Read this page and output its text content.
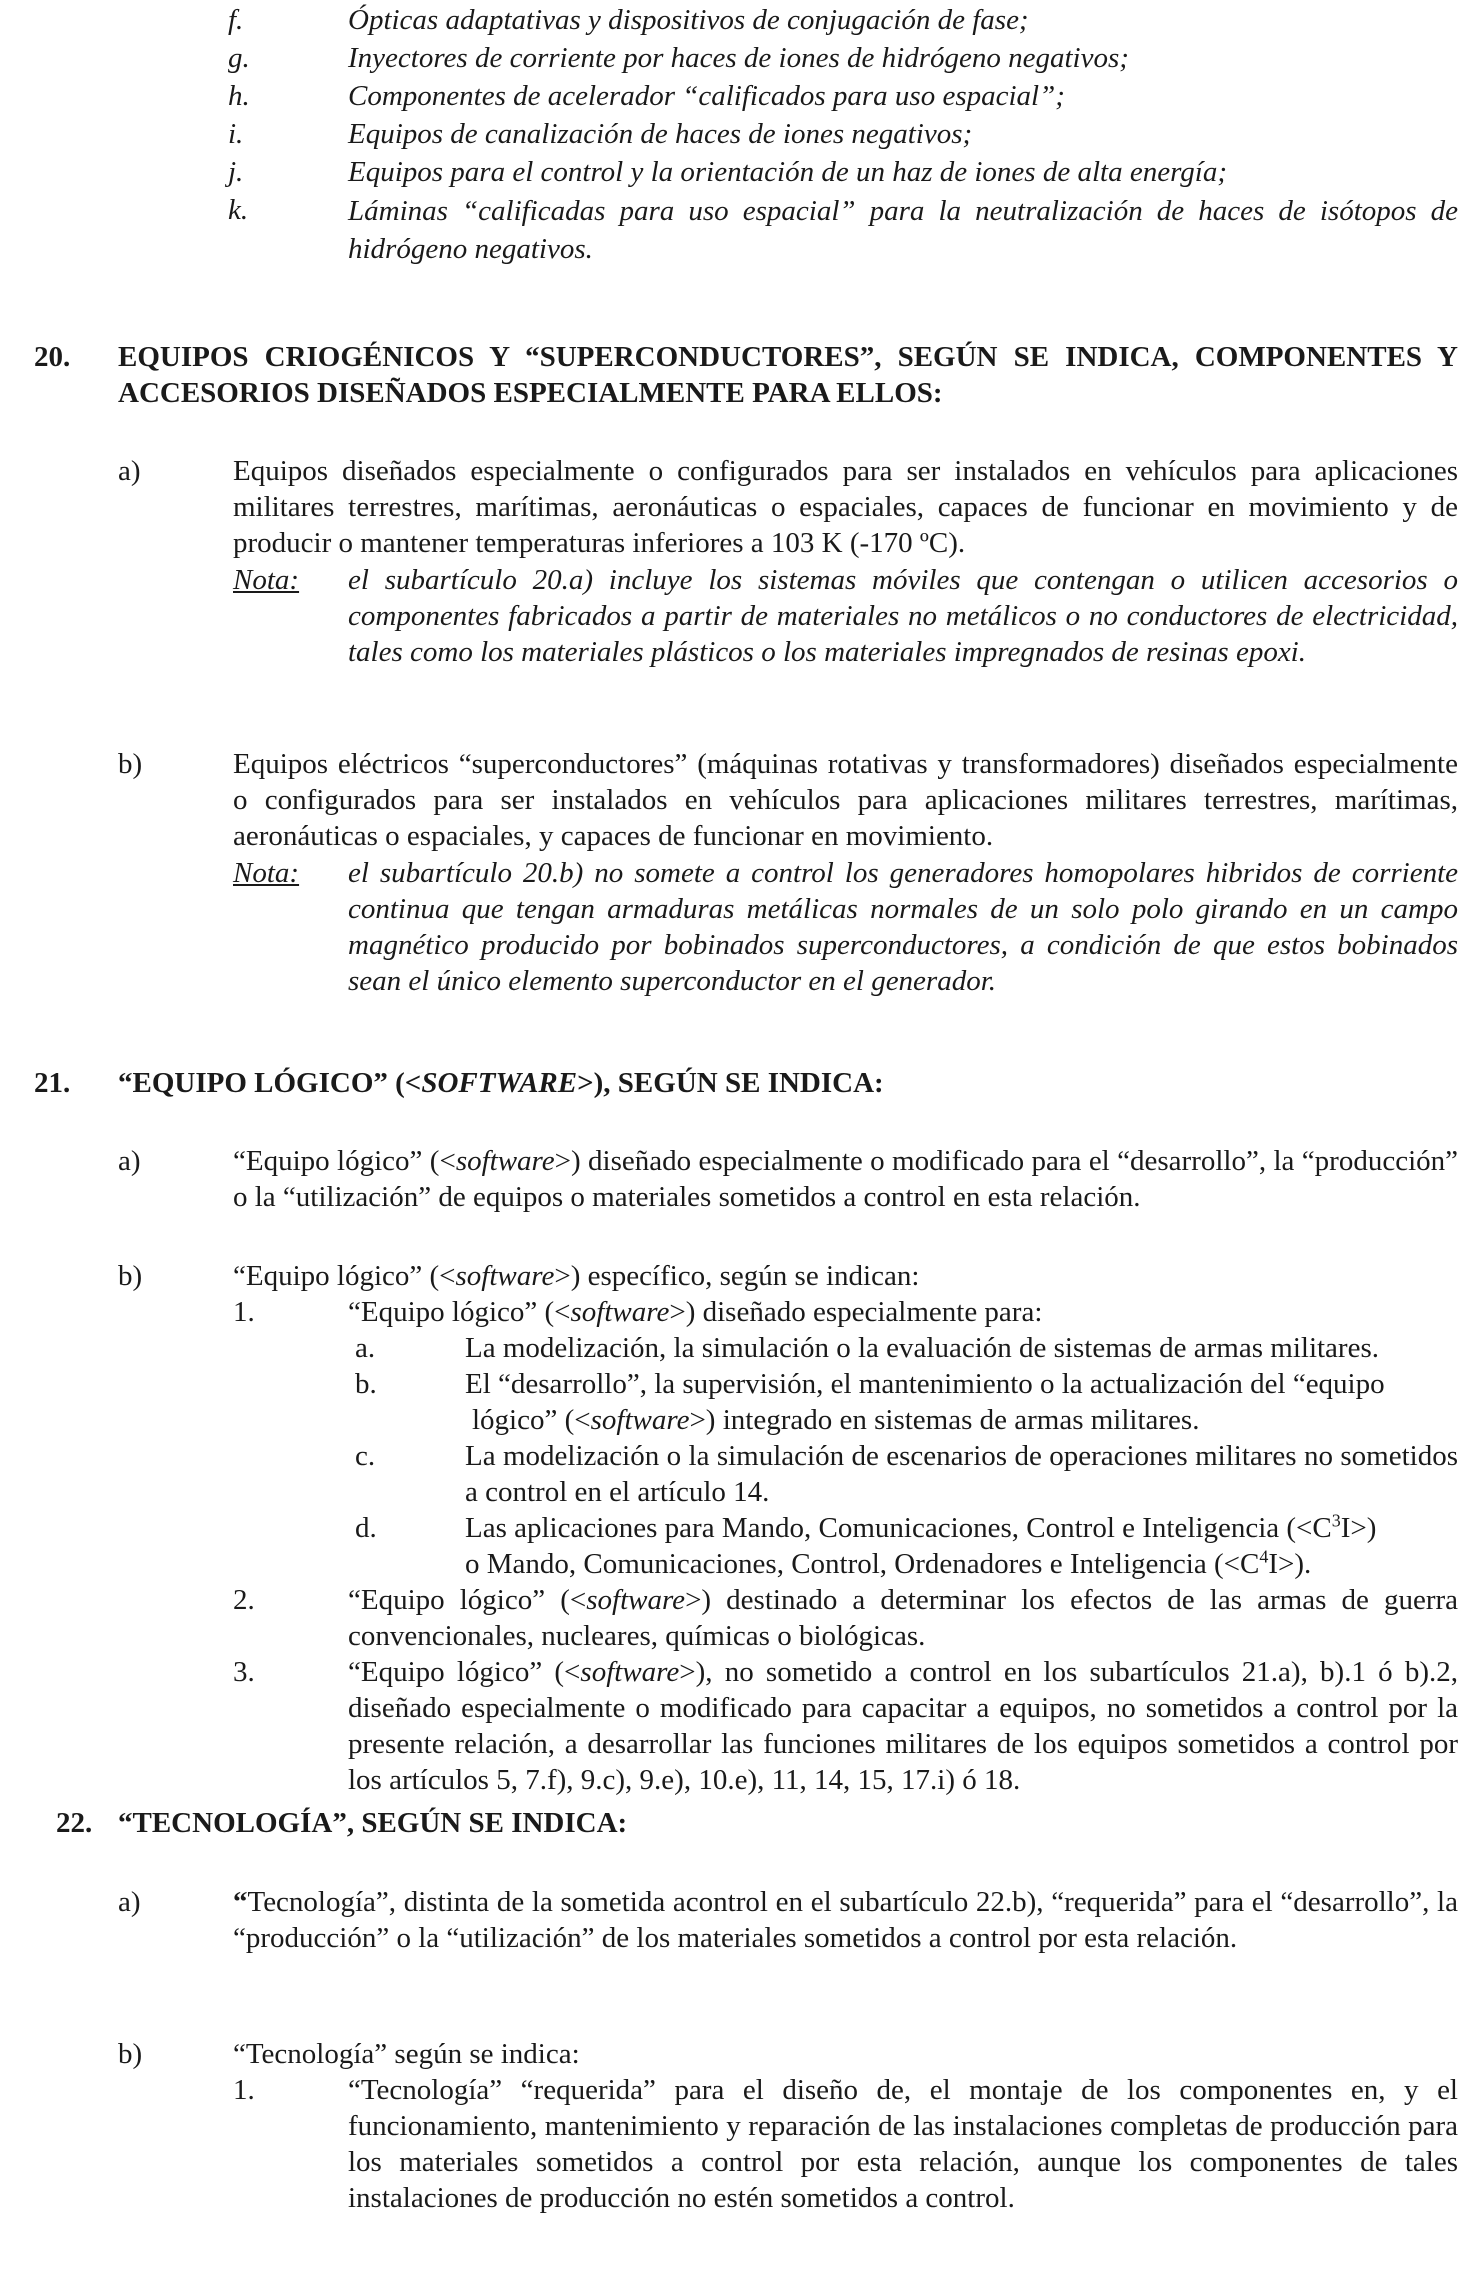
f.	Ópticas adaptativas y dispositivos de conjugación de fase;
g.	Inyectores de corriente por haces de iones de hidrógeno negativos;
h.	Componentes de acelerador “calificados para uso espacial”;
i.	Equipos de canalización de haces de iones negativos;
j.	Equipos para el control y la orientación de un haz de iones de alta energía;
k.	Láminas “calificadas para uso espacial” para la neutralización de haces de isótopos de hidrógeno negativos.
20. EQUIPOS CRIOGÉNICOS Y “SUPERCONDUCTORES”, SEGÚN SE INDICA, COMPONENTES Y ACCESORIOS DISEÑADOS ESPECIALMENTE PARA ELLOS:
a)	Equipos diseñados especialmente o configurados para ser instalados en vehículos para aplicaciones militares terrestres, marítimas, aeronáuticas o espaciales, capaces de funcionar en movimiento y de producir o mantener temperaturas inferiores a 103 K (-170 ºC).
Nota: el subartículo 20.a) incluye los sistemas móviles que contengan o utilicen accesorios o componentes fabricados a partir de materiales no metálicos o no conductores de electricidad, tales como los materiales plásticos o los materiales impregnados de resinas epoxi.
b)	Equipos eléctricos “superconductores” (máquinas rotativas y transformadores) diseñados especialmente o configurados para ser instalados en vehículos para aplicaciones militares terrestres, marítimas, aeronáuticas o espaciales, y capaces de funcionar en movimiento.
Nota: el subartículo 20.b) no somete a control los generadores homopolares hibridos de corriente continua que tengan armaduras metálicas normales de un solo polo girando en un campo magnético producido por bobinados superconductores, a condición de que estos bobinados sean el único elemento superconductor en el generador.
21. “EQUIPO LÓGICO” (<SOFTWARE>), SEGÚN SE INDICA:
a)	“Equipo lógico” (<software>) diseñado especialmente o modificado para el “desarrollo”, la “producción” o la “utilización” de equipos o materiales sometidos a control en esta relación.
b)	“Equipo lógico” (<software>) específico, según se indican:
1.	“Equipo lógico” (<software>) diseñado especialmente para:
a.	La modelización, la simulación o la evaluación de sistemas de armas militares.
b.	El “desarrollo”, la supervisión, el mantenimiento o la actualización del “equipo
lógico” (<software>) integrado en sistemas de armas militares.
c.	La modelización o la simulación de escenarios de operaciones militares no sometidos a control en el artículo 14.
d.	Las aplicaciones para Mando, Comunicaciones, Control e Inteligencia $(<C^3I>)$
o Mando, Comunicaciones, Control, Ordenadores e Inteligencia $(<C^4I>)$.
2.	“Equipo lógico” (<software>) destinado a determinar los efectos de las armas de guerra convencionales, nucleares, químicas o biológicas.
3.	“Equipo lógico” (<software>), no sometido a control en los subartículos 21.a), b).1 ó b).2, diseñado especialmente o modificado para capacitar a equipos, no sometidos a control por la presente relación, a desarrollar las funciones militares de los equipos sometidos a control por los artículos 5, 7.f), 9.c), 9.e), 10.e), 11, 14, 15, 17.i) ó 18.
22. “TECNOLOGÍA”, SEGÚN SE INDICA:
a)	“Tecnología”, distinta de la sometida acontrol en el subartículo 22.b), “requerida” para el “desarrollo”, la “producción” o la “utilización” de los materiales sometidos a control por esta relación.
b)	“Tecnología” según se indica:
1.	“Tecnología” “requerida” para el diseño de, el montaje de los componentes en, y el funcionamiento, mantenimiento y reparación de las instalaciones completas de producción para los materiales sometidos a control por esta relación, aunque los componentes de tales instalaciones de producción no estén sometidos a control.
